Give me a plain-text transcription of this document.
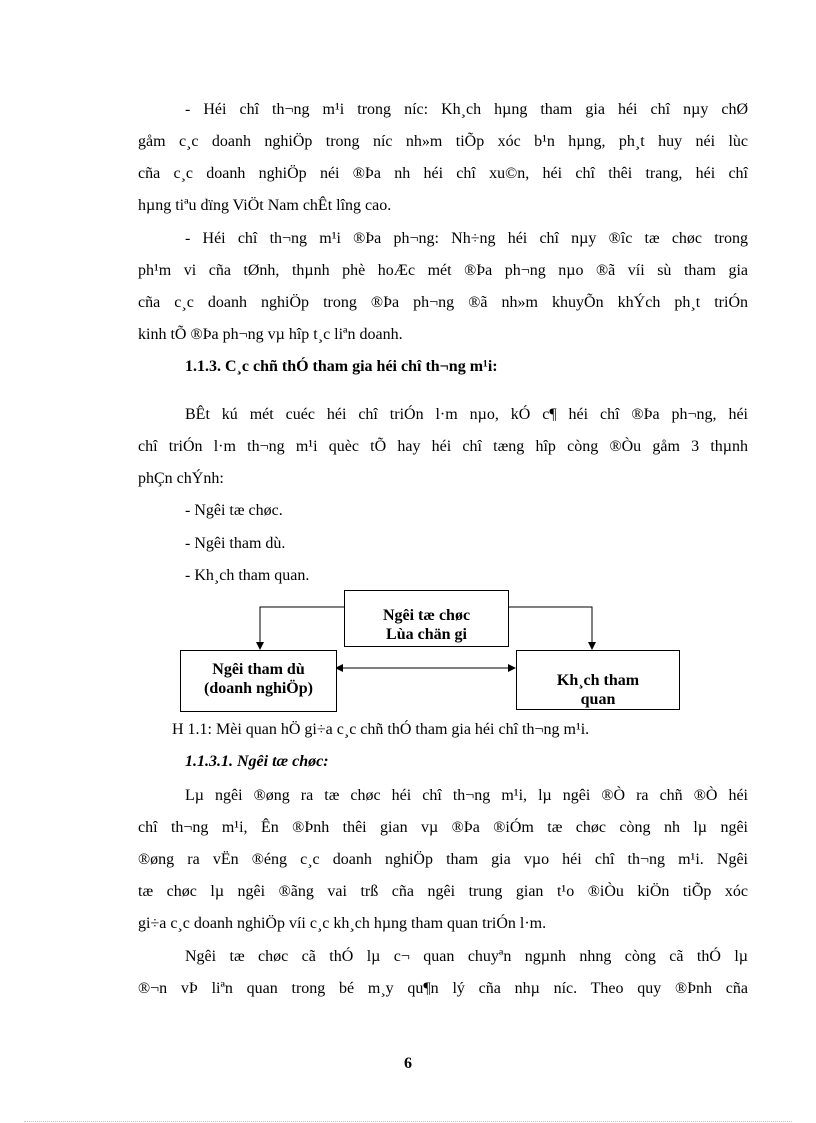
- Héi chî th¬ng m¹i trong níc: Kh¸ch hµng tham gia héi chî nµy chØ
gåm c¸c doanh nghiÖp trong níc nh»m tiÕp xóc b¹n hµng, ph¸t huy néi lùc
cña c¸c doanh nghiÖp néi ®Þa nh héi chî xu©n, héi chî thêi trang, héi chî
hµng tiªu dïng ViÖt Nam chÊt lîng cao.
- Héi chî th¬ng m¹i ®Þa ph¬ng: Nh÷ng héi chî nµy ®îc tæ chøc trong
ph¹m vi cña tØnh, thµnh phè hoÆc mét ®Þa ph¬ng nµo ®ã víi sù tham gia
cña c¸c doanh nghiÖp trong ®Þa ph¬ng ®ã nh»m khuyÕn khÝch ph¸t triÓn
kinh tÕ ®Þa ph¬ng vµ hîp t¸c liªn doanh.
1.1.3. C¸c chñ thÓ tham gia héi chî th¬ng m¹i:
BÊt kú mét cuéc héi chî triÓn l·m nµo, kÓ c¶ héi chî ®Þa ph¬ng, héi
chî triÓn l·m th¬ng m¹i quèc tÕ hay héi chî tæng hîp còng ®Òu gåm 3 thµnh
phÇn chÝnh:
- Ngêi tæ chøc.
- Ngêi tham dù.
- Kh¸ch tham quan.
Ngêi tæ chøc
Lùa chän gi
Ngêi tham dù
(doanh nghiÖp)	Kh¸ch tham
quan
H 1.1: Mèi quan hÖ gi÷a c¸c chñ thÓ tham gia héi chî th¬ng m¹i.
1.1.3.1. Ngêi tæ chøc:
Lµ ngêi ®øng ra tæ chøc héi chî th¬ng m¹i, lµ ngêi ®Ò ra chñ ®Ò héi
chî th¬ng m¹i, Ên ®Þnh thêi gian vµ ®Þa ®iÓm tæ chøc còng nh lµ ngêi
®øng ra vËn ®éng c¸c doanh nghiÖp tham gia vµo héi chî th¬ng m¹i. Ngêi
tæ chøc lµ ngêi ®ãng vai trß cña ngêi trung gian t¹o ®iÒu kiÖn tiÕp xóc
gi÷a c¸c doanh nghiÖp víi c¸c kh¸ch hµng tham quan triÓn l·m.
Ngêi tæ chøc cã thÓ lµ c¬ quan chuyªn ngµnh nhng còng cã thÓ lµ
®¬n vÞ liªn quan trong bé m¸y qu¶n lý cña nhµ níc. Theo quy ®Þnh cña
6
